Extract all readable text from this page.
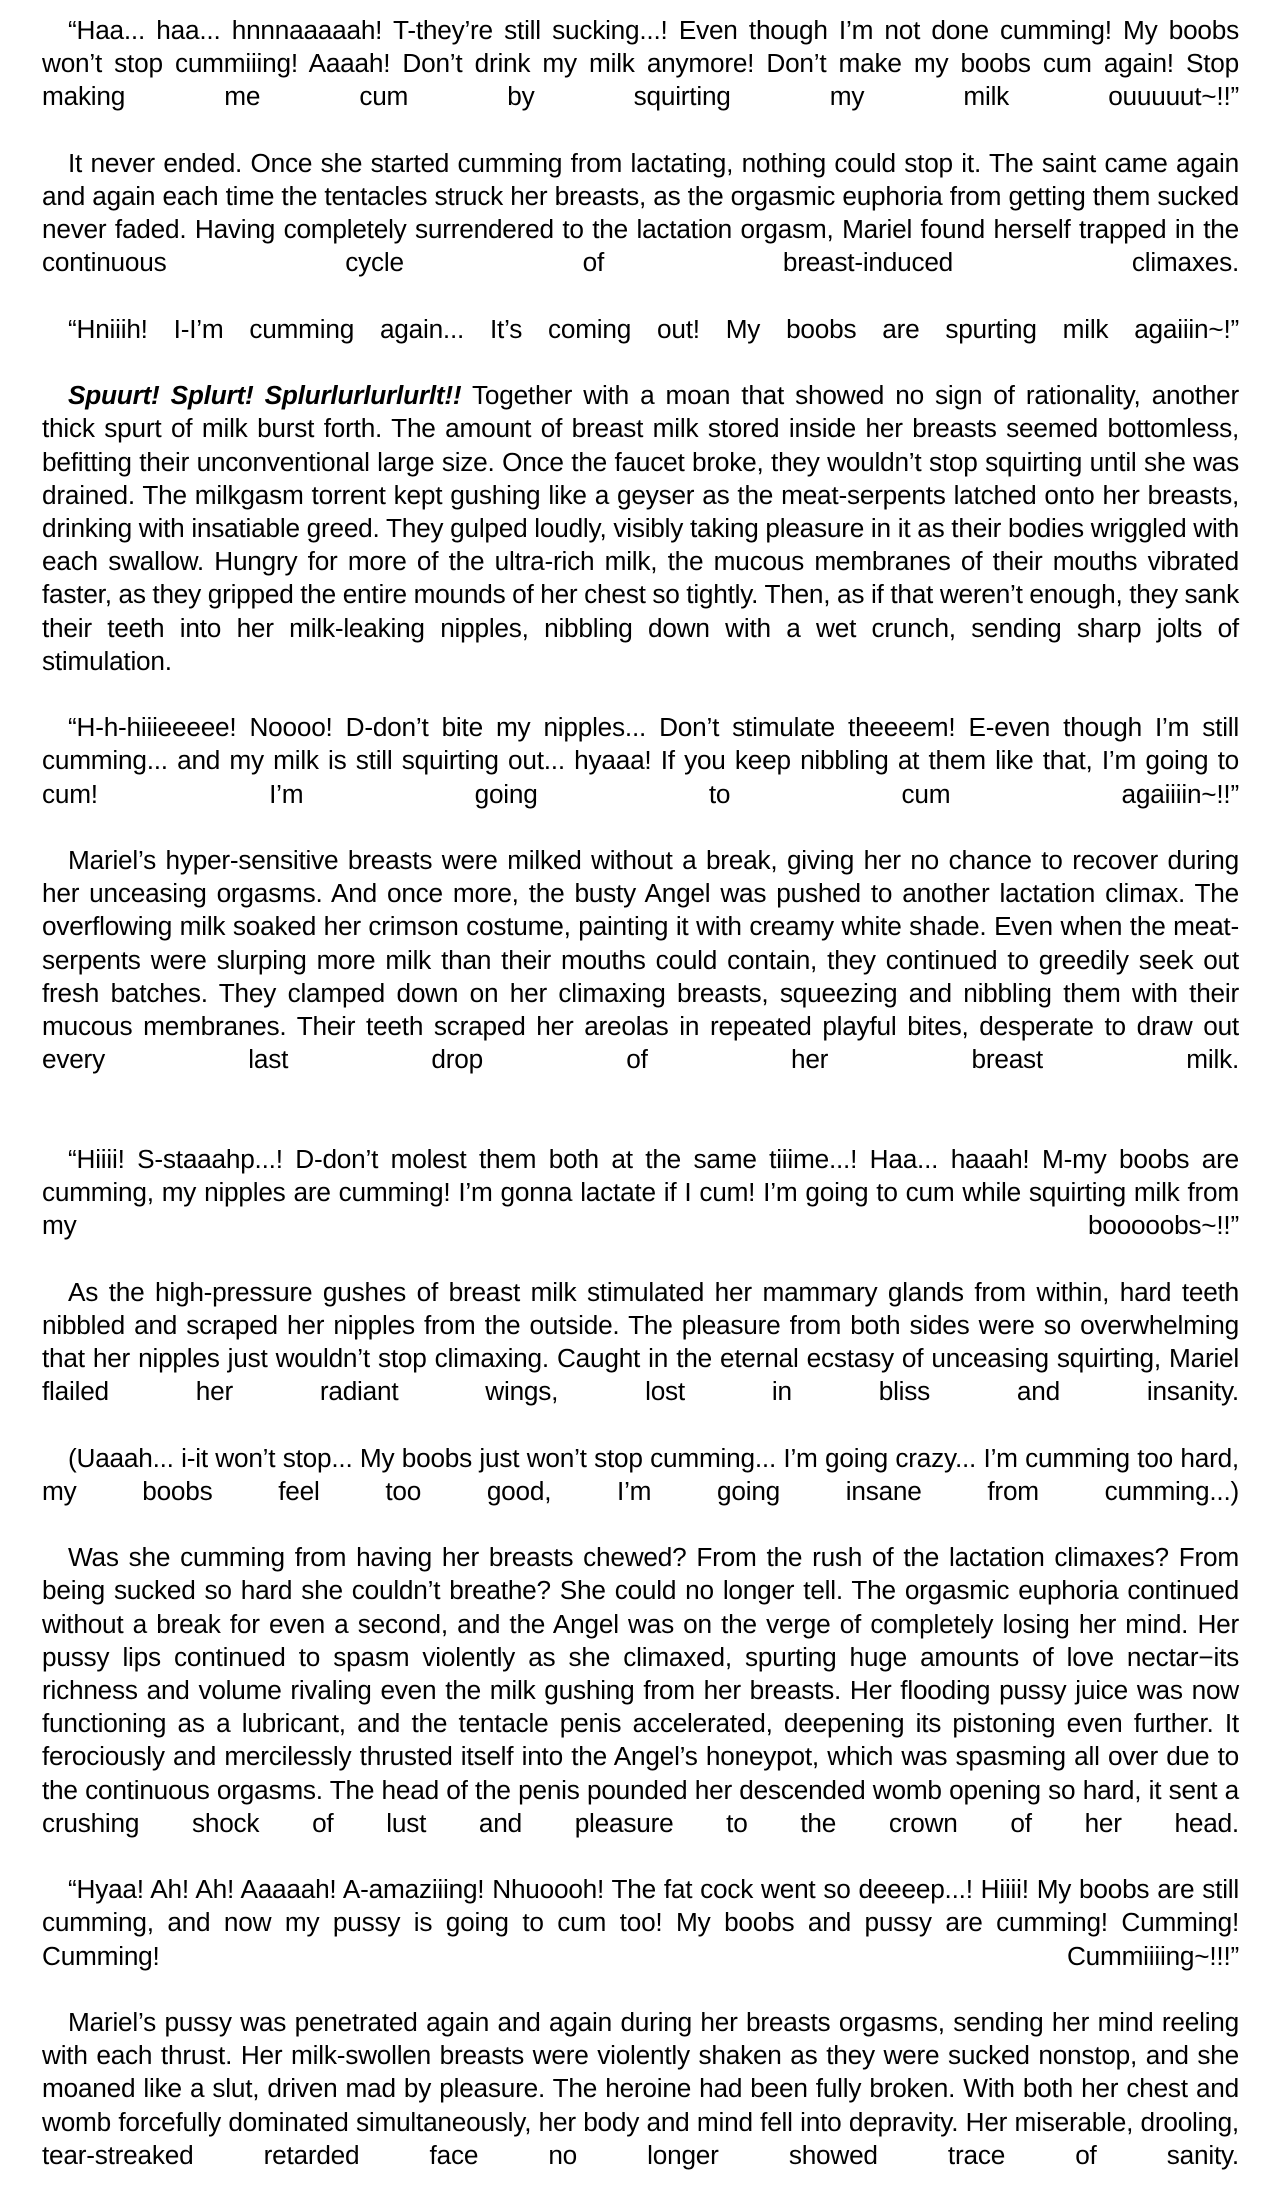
“Haa... haa... hnnnaaaaah! T-they’re still sucking...! Even though I’m not done cumming! My boobs won’t stop cummiiing! Aaaah! Don’t drink my milk anymore! Don’t make my boobs cum again! Stop making me cum by squirting my milk ouuuuut~!!”

It never ended. Once she started cumming from lactating, nothing could stop it. The saint came again and again each time the tentacles struck her breasts, as the orgasmic euphoria from getting them sucked never faded. Having completely surrendered to the lactation orgasm, Mariel found herself trapped in the continuous cycle of breast-induced climaxes.

“Hniiih! I-I’m cumming again... It’s coming out! My boobs are spurting milk agaiiin~!”

Spuurt! Splurt! Splurlurlurlurlt!! Together with a moan that showed no sign of rationality, another thick spurt of milk burst forth. The amount of breast milk stored inside her breasts seemed bottomless, befitting their unconventional large size. Once the faucet broke, they wouldn’t stop squirting until she was drained. The milkgasm torrent kept gushing like a geyser as the meat-serpents latched onto her breasts, drinking with insatiable greed. They gulped loudly, visibly taking pleasure in it as their bodies wriggled with each swallow. Hungry for more of the ultra-rich milk, the mucous membranes of their mouths vibrated faster, as they gripped the entire mounds of her chest so tightly. Then, as if that weren’t enough, they sank their teeth into her milk-leaking nipples, nibbling down with a wet crunch, sending sharp jolts of stimulation.

“H-h-hiiieeeee! Noooo! D-don’t bite my nipples... Don’t stimulate theeeem! E-even though I’m still cumming... and my milk is still squirting out... hyaaa! If you keep nibbling at them like that, I’m going to cum! I’m going to cum agaiiiin~!!”

Mariel’s hyper-sensitive breasts were milked without a break, giving her no chance to recover during her unceasing orgasms. And once more, the busty Angel was pushed to another lactation climax. The overflowing milk soaked her crimson costume, painting it with creamy white shade. Even when the meat-serpents were slurping more milk than their mouths could contain, they continued to greedily seek out fresh batches. They clamped down on her climaxing breasts, squeezing and nibbling them with their mucous membranes. Their teeth scraped her areolas in repeated playful bites, desperate to draw out every last drop of her breast milk.

“Hiiii! S-staaahp...! D-don’t molest them both at the same tiiime...! Haa... haaah! M-my boobs are cumming, my nipples are cumming! I’m gonna lactate if I cum! I’m going to cum while squirting milk from my booooobs~!!”

As the high-pressure gushes of breast milk stimulated her mammary glands from within, hard teeth nibbled and scraped her nipples from the outside. The pleasure from both sides were so overwhelming that her nipples just wouldn’t stop climaxing. Caught in the eternal ecstasy of unceasing squirting, Mariel flailed her radiant wings, lost in bliss and insanity.

(Uaaah... i-it won’t stop... My boobs just won’t stop cumming... I’m going crazy... I’m cumming too hard, my boobs feel too good, I’m going insane from cumming...)

Was she cumming from having her breasts chewed? From the rush of the lactation climaxes? From being sucked so hard she couldn’t breathe? She could no longer tell. The orgasmic euphoria continued without a break for even a second, and the Angel was on the verge of completely losing her mind. Her pussy lips continued to spasm violently as she climaxed, spurting huge amounts of love nectar−its richness and volume rivaling even the milk gushing from her breasts. Her flooding pussy juice was now functioning as a lubricant, and the tentacle penis accelerated, deepening its pistoning even further. It ferociously and mercilessly thrusted itself into the Angel’s honeypot, which was spasming all over due to the continuous orgasms. The head of the penis pounded her descended womb opening so hard, it sent a crushing shock of lust and pleasure to the crown of her head.

“Hyaa! Ah! Ah! Aaaaah! A-amaziiing! Nhuoooh! The fat cock went so deeeep...! Hiiii! My boobs are still cumming, and now my pussy is going to cum too! My boobs and pussy are cumming! Cumming! Cumming! Cummiiiing~!!!”

Mariel’s pussy was penetrated again and again during her breasts orgasms, sending her mind reeling with each thrust. Her milk-swollen breasts were violently shaken as they were sucked nonstop, and she moaned like a slut, driven mad by pleasure. The heroine had been fully broken. With both her chest and womb forcefully dominated simultaneously, her body and mind fell into depravity. Her miserable, drooling, tear-streaked retarded face no longer showed trace of sanity.
